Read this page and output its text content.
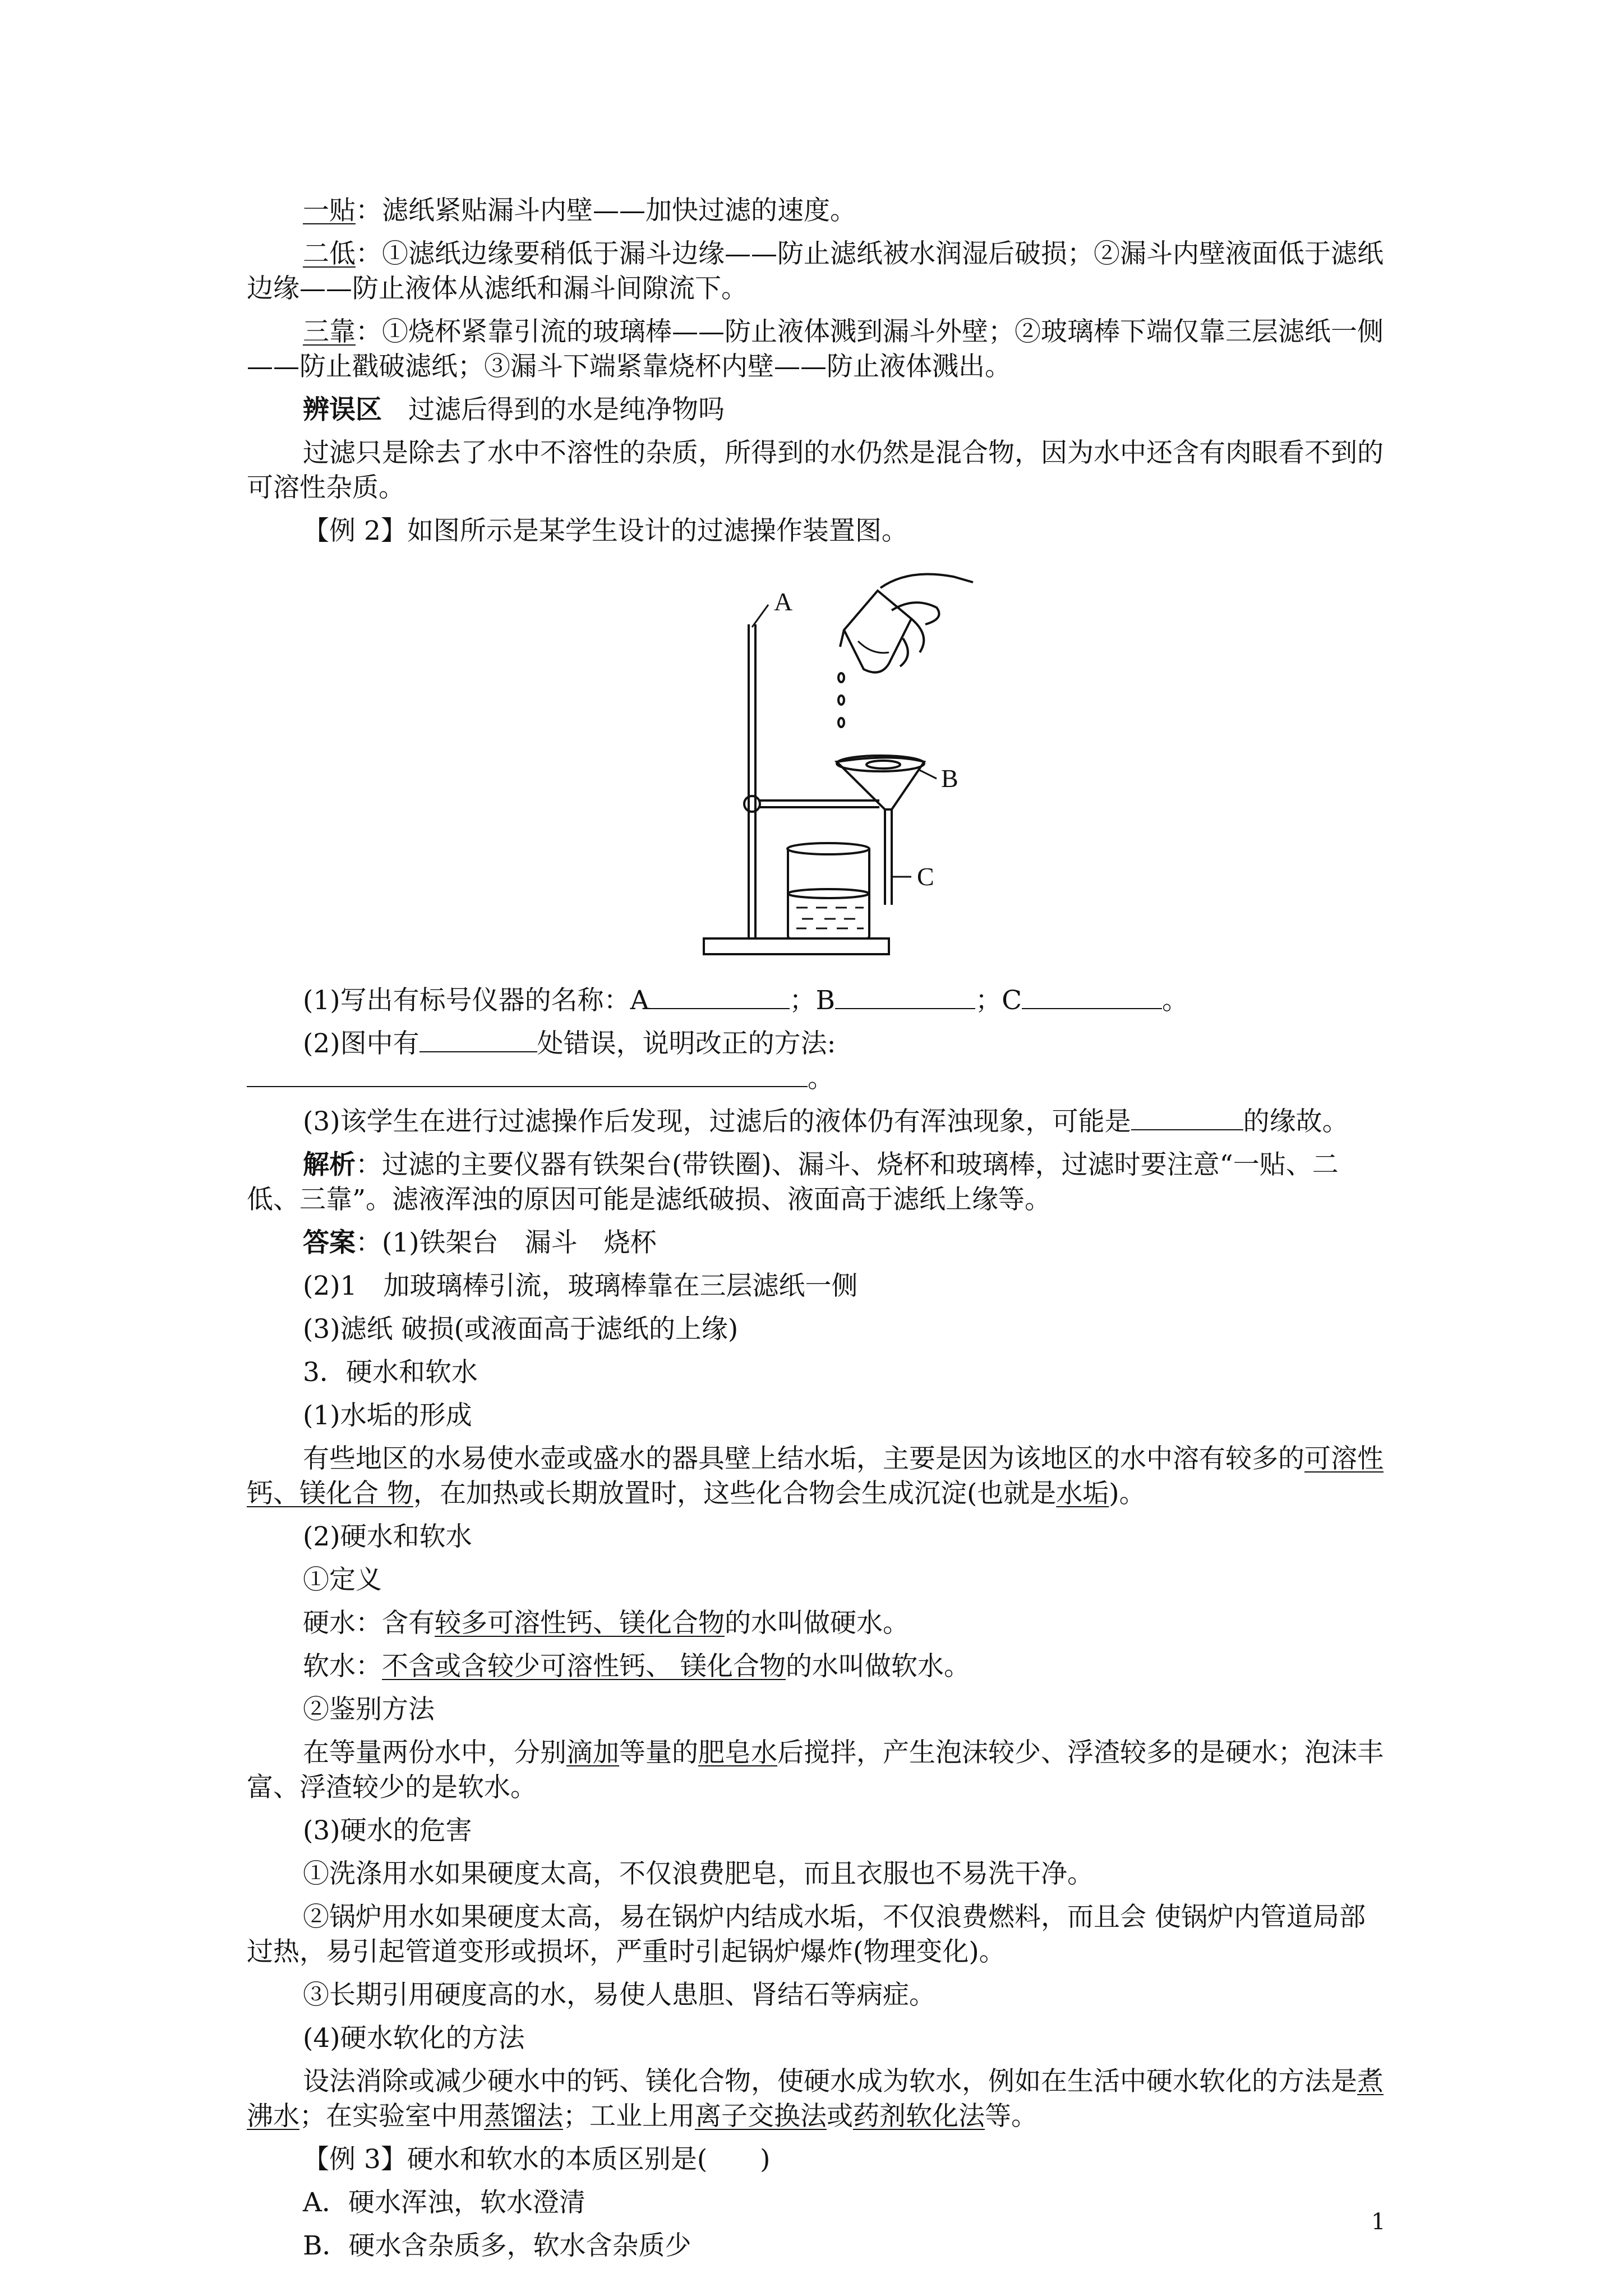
一贴：滤纸紧贴漏斗内壁——加快过滤的速度。

二低：①滤纸边缘要稍低于漏斗边缘——防止滤纸被水润湿后破损；②漏斗内壁液面低于滤纸边缘——防止液体从滤纸和漏斗间隙流下。

三靠：①烧杯紧靠引流的玻璃棒——防止液体溅到漏斗外壁；②玻璃棒下端仅靠三层滤纸一侧——防止戳破滤纸；③漏斗下端紧靠烧杯内壁——防止液体溅出。

辨误区　过滤后得到的水是纯净物吗

过滤只是除去了水中不溶性的杂质，所得到的水仍然是混合物，因为水中还含有肉眼看不到的可溶性杂质。

【例 2】如图所示是某学生设计的过滤操作装置图。

A
B
C

(1)写出有标号仪器的名称：A	；B	；C	。

(2)图中有	处错误，说明改正的方法:。

(3)该学生在进行过滤操作后发现，过滤后的液体仍有浑浊现象，可能是	的缘故。

解析：过滤的主要仪器有铁架台(带铁圈)、漏斗、烧杯和玻璃棒，过滤时要注意“一贴、二低、三靠”。滤液浑浊的原因可能是滤纸破损、液面高于滤纸上缘等。

答案：(1)铁架台　漏斗　烧杯

(2)1　加玻璃棒引流，玻璃棒靠在三层滤纸一侧

(3)滤纸 破损(或液面高于滤纸的上缘)

3．硬水和软水

(1)水垢的形成

有些地区的水易使水壶或盛水的器具壁上结水垢，主要是因为该地区的水中溶有较多的可溶性钙、镁化合 物，在加热或长期放置时，这些化合物会生成沉淀(也就是水垢)。

(2)硬水和软水

①定义

硬水：含有较多可溶性钙、镁化合物的水叫做硬水。

软水：不含或含较少可溶性钙、 镁化合物的水叫做软水。

②鉴别方法

在等量两份水中，分别滴加等量的肥皂水后搅拌，产生泡沫较少、浮渣较多的是硬水；泡沫丰富、浮渣较少的是软水。

(3)硬水的危害

①洗涤用水如果硬度太高，不仅浪费肥皂，而且衣服也不易洗干净。

②锅炉用水如果硬度太高，易在锅炉内结成水垢，不仅浪费燃料，而且会 使锅炉内管道局部过热，易引起管道变形或损坏，严重时引起锅炉爆炸(物理变化)。

③长期引用硬度高的水，易使人患胆、肾结石等病症。

(4)硬水软化的方法

设法消除或减少硬水中的钙、镁化合物，使硬水成为软水，例如在生活中硬水软化的方法是煮沸水；在实验室中用蒸馏法；工业上用离子交换法或药剂软化法等。

【例 3】硬水和软水的本质区别是(　　)

A．硬水浑浊，软水澄清

B．硬水含杂质多，软水含杂质少

1
